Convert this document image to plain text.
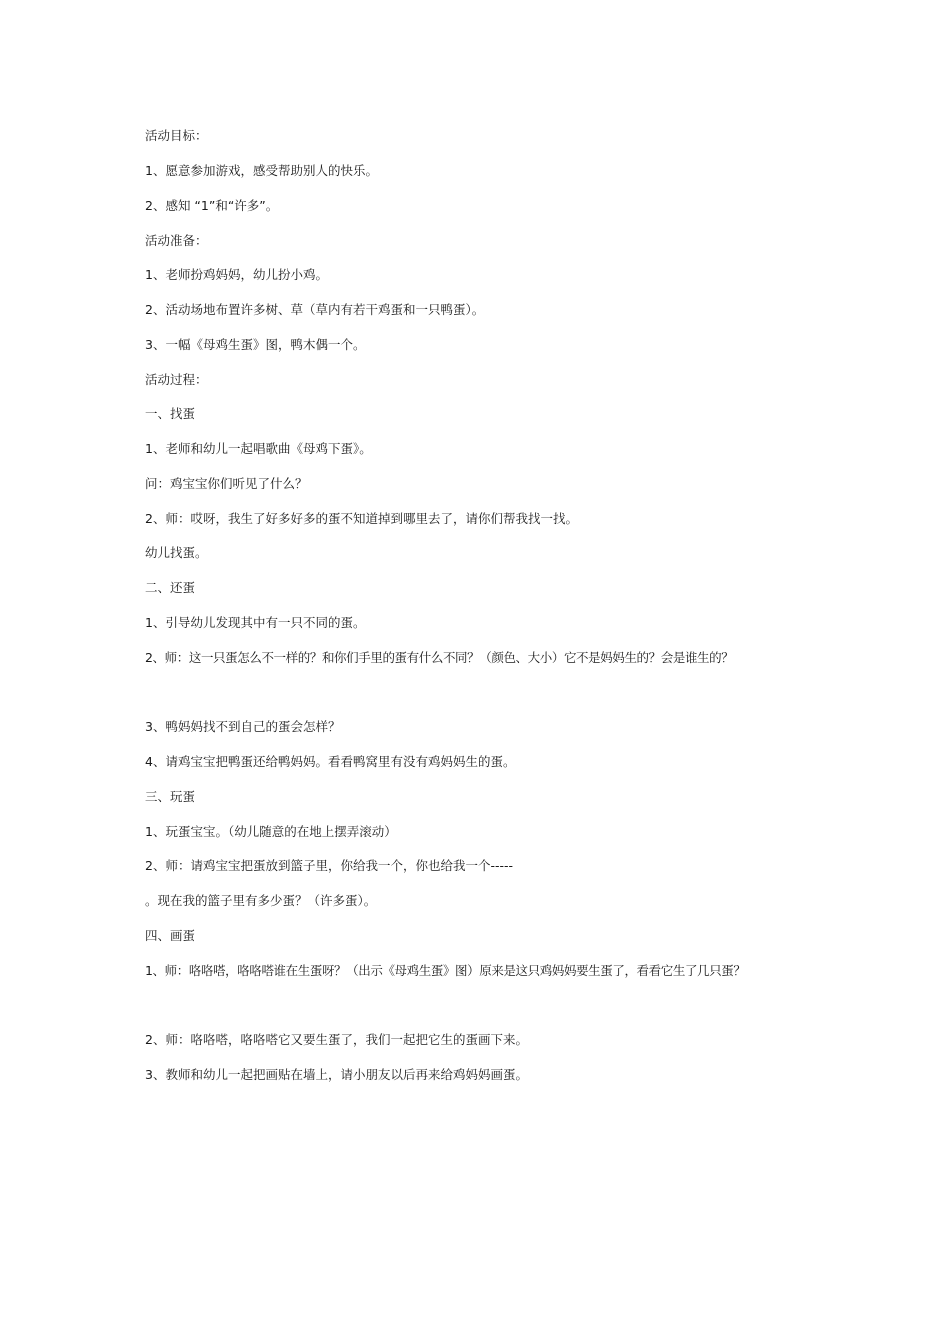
活动目标：
1、愿意参加游戏，感受帮助别人的快乐。
2、感知 “1”和“许多”。
活动准备：
1、老师扮鸡妈妈，幼儿扮小鸡。
2、活动场地布置许多树、草（草内有若干鸡蛋和一只鸭蛋）。
3、一幅《母鸡生蛋》图，鸭木偶一个。
活动过程：
一、找蛋
1、老师和幼儿一起唱歌曲《母鸡下蛋》。
问：鸡宝宝你们听见了什么？
2、师：哎呀，我生了好多好多的蛋不知道掉到哪里去了，请你们帮我找一找。
幼儿找蛋。
二、还蛋
1、引导幼儿发现其中有一只不同的蛋。
2、师：这一只蛋怎么不一样的？和你们手里的蛋有什么不同？（颜色、大小）它不是妈妈生的？会是谁生的？
3、鸭妈妈找不到自己的蛋会怎样？
4、请鸡宝宝把鸭蛋还给鸭妈妈。看看鸭窝里有没有鸡妈妈生的蛋。
三、玩蛋
1、玩蛋宝宝。（幼儿随意的在地上摆弄滚动）
2、师：请鸡宝宝把蛋放到篮子里，你给我一个，你也给我一个-----
。现在我的篮子里有多少蛋？（许多蛋）。
四、画蛋
1、师：咯咯嗒，咯咯嗒谁在生蛋呀？（出示《母鸡生蛋》图）原来是这只鸡妈妈要生蛋了，看看它生了几只蛋？
2、师：咯咯嗒，咯咯嗒它又要生蛋了，我们一起把它生的蛋画下来。
3、教师和幼儿一起把画贴在墙上，请小朋友以后再来给鸡妈妈画蛋。
